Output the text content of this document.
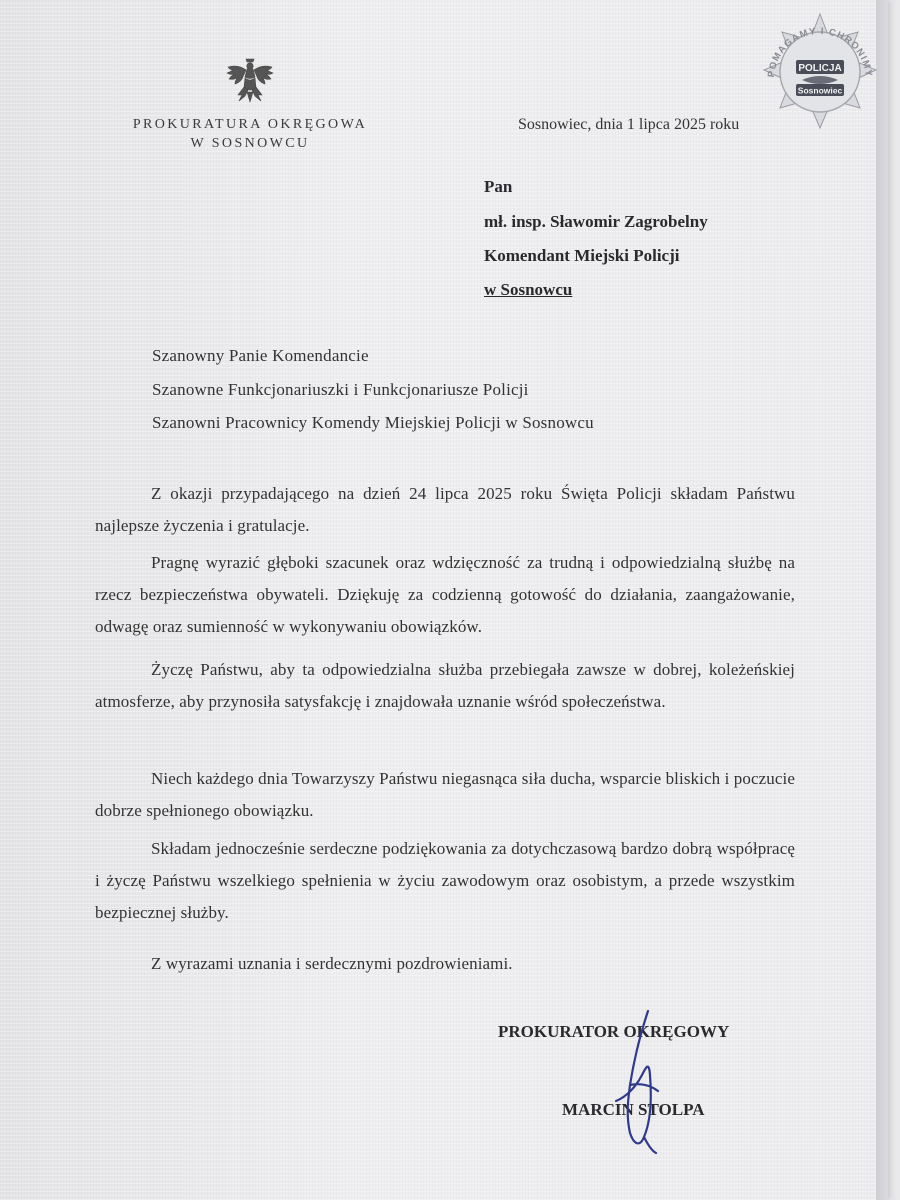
PROKURATURA OKRĘGOWA
W SOSNOWCU
Sosnowiec, dnia 1 lipca 2025 roku
POMAGAMY I CHRONIMY
POLICJA
Sosnowiec
Pan
mł. insp. Sławomir Zagrobelny
Komendant Miejski Policji
w Sosnowcu
Szanowny Panie Komendancie
Szanowne Funkcjonariuszki i Funkcjonariusze Policji
Szanowni Pracownicy Komendy Miejskiej Policji w Sosnowcu
Z okazji przypadającego na dzień 24 lipca 2025 roku Święta Policji składam Państwu najlepsze życzenia i gratulacje.
Pragnę wyrazić głęboki szacunek oraz wdzięczność za trudną i odpowiedzialną służbę na rzecz bezpieczeństwa obywateli. Dziękuję za codzienną gotowość do działania, zaangażowanie, odwagę oraz sumienność w wykonywaniu obowiązków.
Życzę Państwu, aby ta odpowiedzialna służba przebiegała zawsze w dobrej, koleżeńskiej atmosferze, aby przynosiła satysfakcję i znajdowała uznanie wśród społeczeństwa.
Niech każdego dnia Towarzyszy Państwu niegasnąca siła ducha, wsparcie bliskich i poczucie dobrze spełnionego obowiązku.
Składam jednocześnie serdeczne podziękowania za dotychczasową bardzo dobrą współpracę i życzę Państwu wszelkiego spełnienia w życiu zawodowym oraz osobistym, a przede wszystkim bezpiecznej służby.
Z wyrazami uznania i serdecznymi pozdrowieniami.
PROKURATOR OKRĘGOWY
MARCIN STOLPA
